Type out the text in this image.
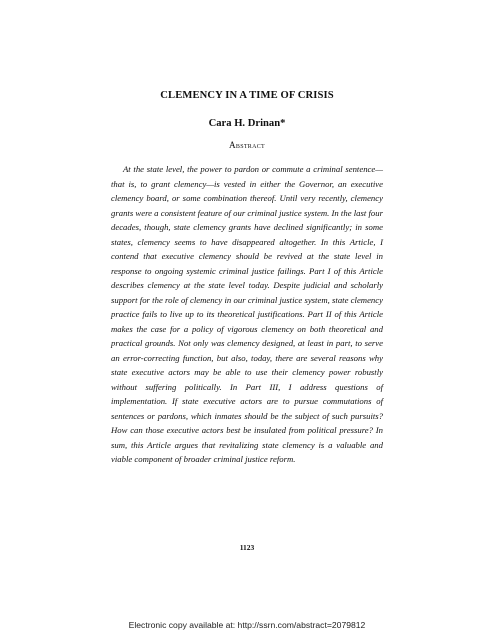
CLEMENCY IN A TIME OF CRISIS
Cara H. Drinan*
Abstract

At the state level, the power to pardon or commute a criminal sentence—that is, to grant clemency—is vested in either the Governor, an executive clemency board, or some combination thereof. Until very recently, clemency grants were a consistent feature of our criminal justice system. In the last four decades, though, state clemency grants have declined significantly; in some states, clemency seems to have disappeared altogether. In this Article, I contend that executive clemency should be revived at the state level in response to ongoing systemic criminal justice failings. Part I of this Article describes clemency at the state level today. Despite judicial and scholarly support for the role of clemency in our criminal justice system, state clemency practice fails to live up to its theoretical justifications. Part II of this Article makes the case for a policy of vigorous clemency on both theoretical and practical grounds. Not only was clemency designed, at least in part, to serve an error-correcting function, but also, today, there are several reasons why state executive actors may be able to use their clemency power robustly without suffering politically. In Part III, I address questions of implementation. If state executive actors are to pursue commutations of sentences or pardons, which inmates should be the subject of such pursuits? How can those executive actors best be insulated from political pressure? In sum, this Article argues that revitalizing state clemency is a valuable and viable component of broader criminal justice reform.

1123
Electronic copy available at: http://ssrn.com/abstract=2079812
